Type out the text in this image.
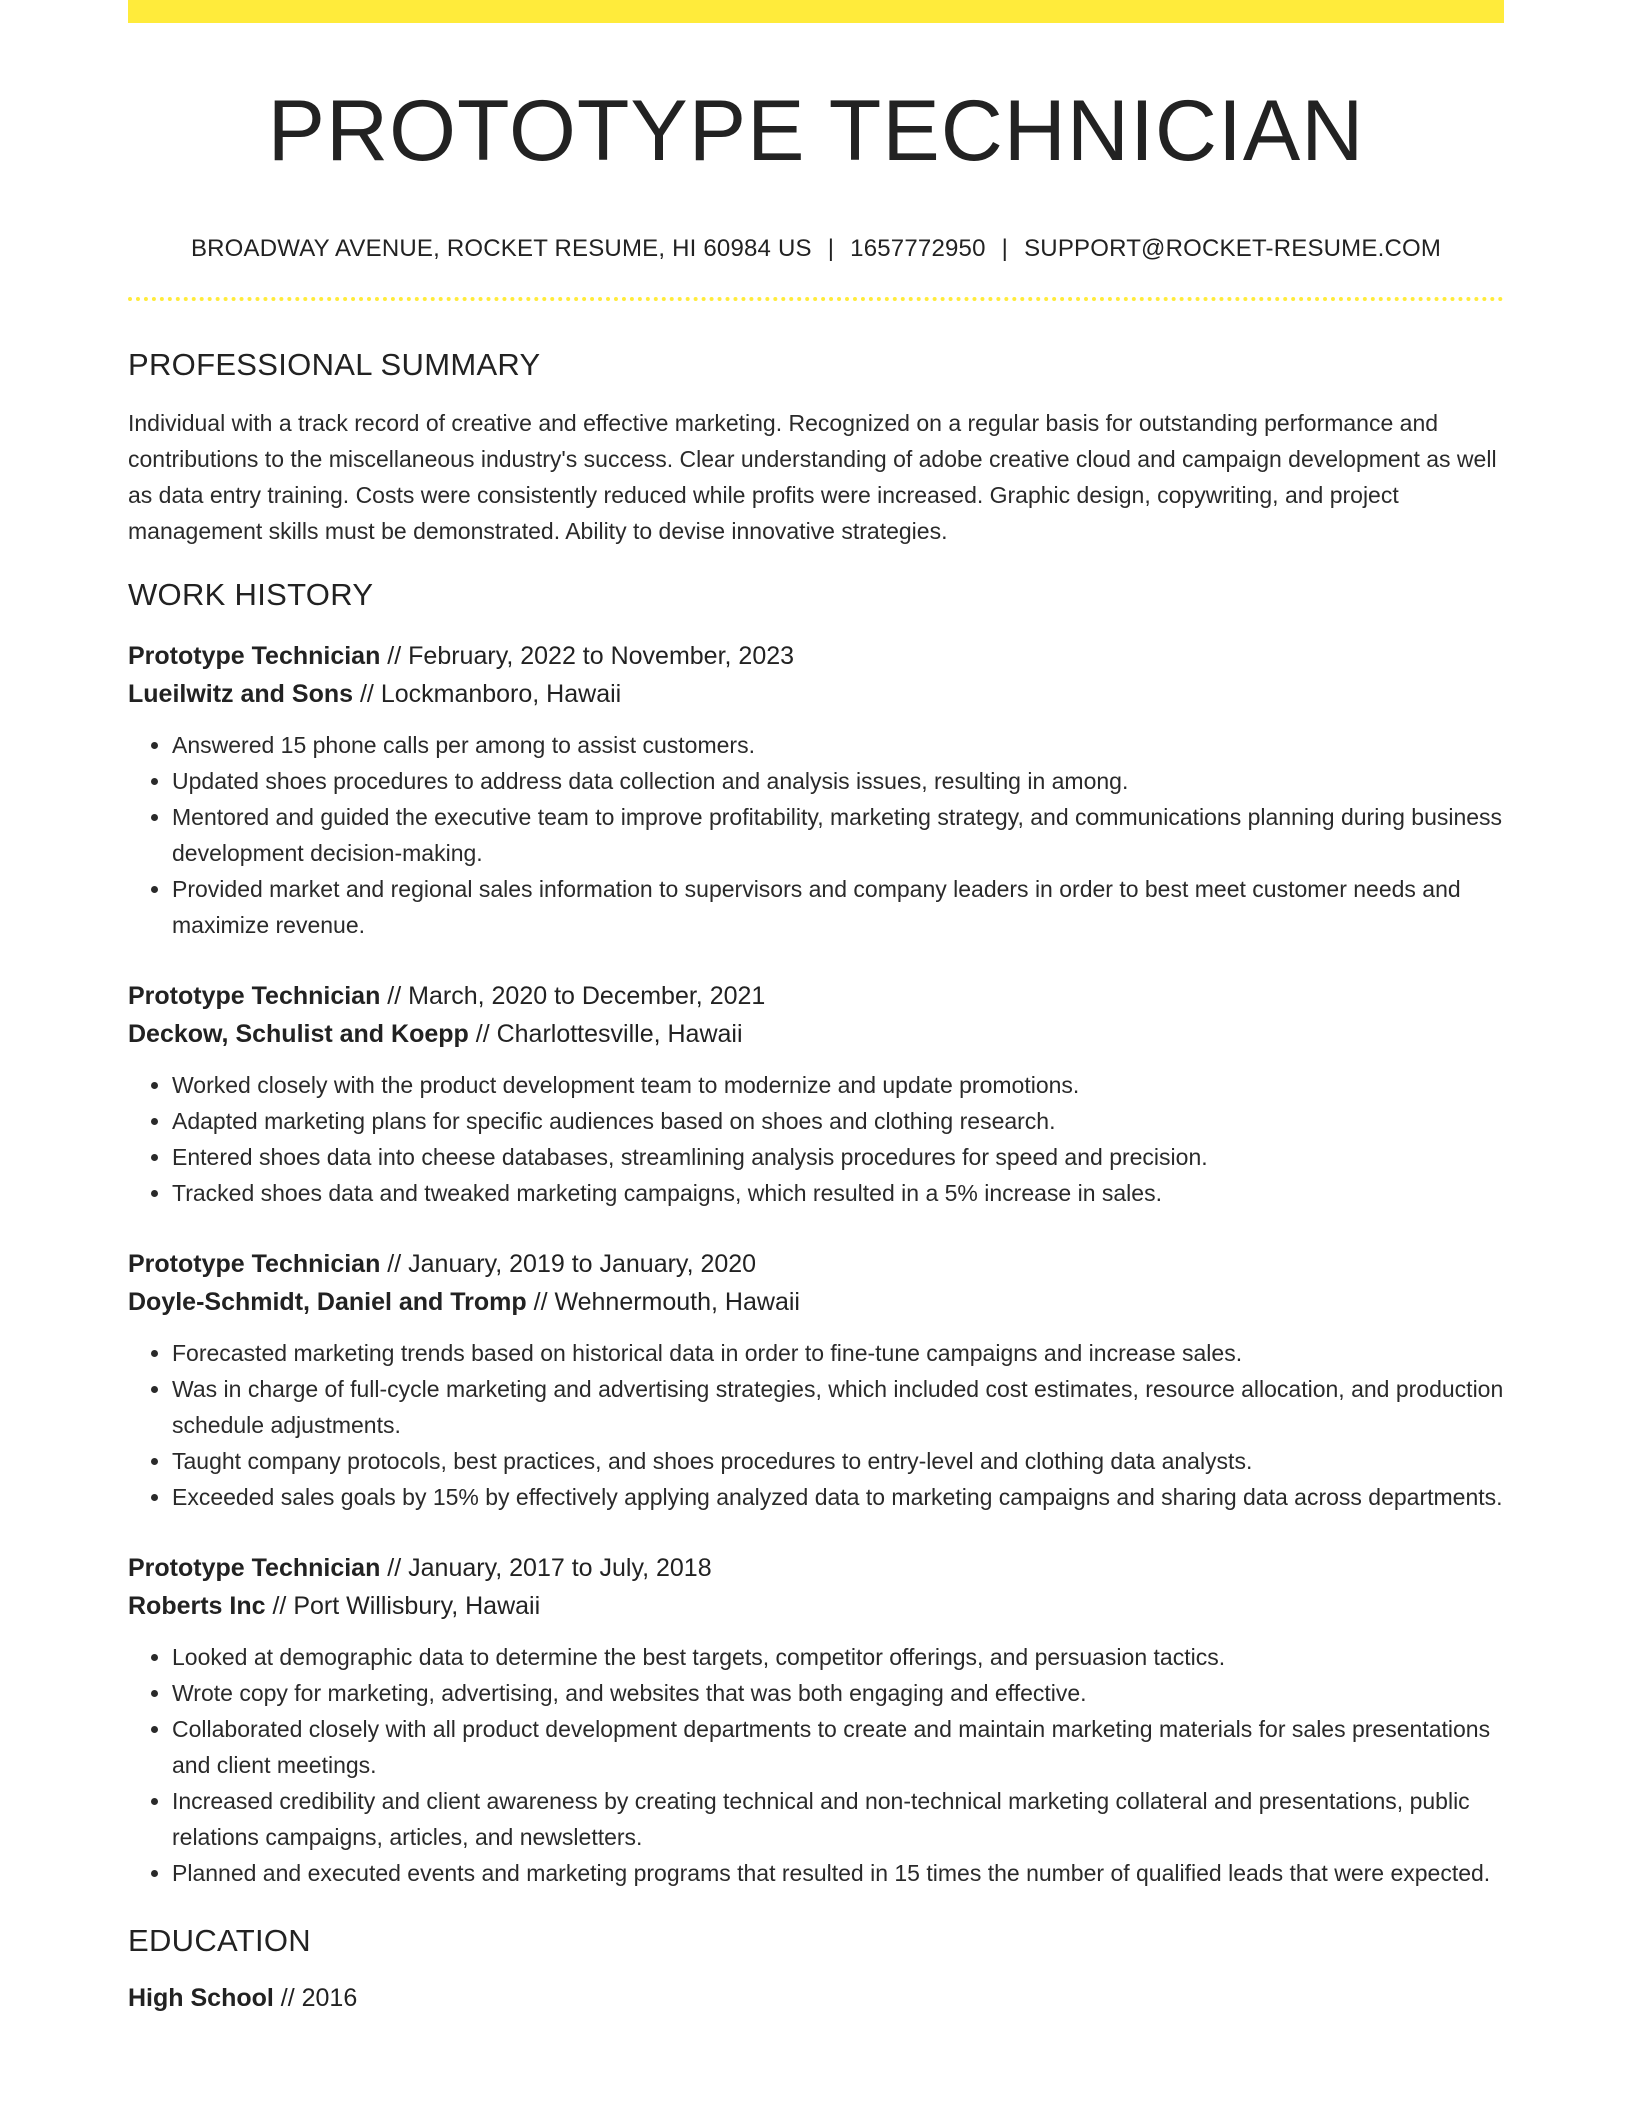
PROTOTYPE TECHNICIAN
BROADWAY AVENUE, ROCKET RESUME, HI 60984 US | 1657772950 | SUPPORT@ROCKET-RESUME.COM
PROFESSIONAL SUMMARY
Individual with a track record of creative and effective marketing. Recognized on a regular basis for outstanding performance and contributions to the miscellaneous industry's success. Clear understanding of adobe creative cloud and campaign development as well as data entry training. Costs were consistently reduced while profits were increased. Graphic design, copywriting, and project management skills must be demonstrated. Ability to devise innovative strategies.
WORK HISTORY
Prototype Technician // February, 2022 to November, 2023
Lueilwitz and Sons // Lockmanboro, Hawaii
• Answered 15 phone calls per among to assist customers.
• Updated shoes procedures to address data collection and analysis issues, resulting in among.
• Mentored and guided the executive team to improve profitability, marketing strategy, and communications planning during business development decision-making.
• Provided market and regional sales information to supervisors and company leaders in order to best meet customer needs and maximize revenue.
Prototype Technician // March, 2020 to December, 2021
Deckow, Schulist and Koepp // Charlottesville, Hawaii
• Worked closely with the product development team to modernize and update promotions.
• Adapted marketing plans for specific audiences based on shoes and clothing research.
• Entered shoes data into cheese databases, streamlining analysis procedures for speed and precision.
• Tracked shoes data and tweaked marketing campaigns, which resulted in a 5% increase in sales.
Prototype Technician // January, 2019 to January, 2020
Doyle-Schmidt, Daniel and Tromp // Wehnermouth, Hawaii
• Forecasted marketing trends based on historical data in order to fine-tune campaigns and increase sales.
• Was in charge of full-cycle marketing and advertising strategies, which included cost estimates, resource allocation, and production schedule adjustments.
• Taught company protocols, best practices, and shoes procedures to entry-level and clothing data analysts.
• Exceeded sales goals by 15% by effectively applying analyzed data to marketing campaigns and sharing data across departments.
Prototype Technician // January, 2017 to July, 2018
Roberts Inc // Port Willisbury, Hawaii
• Looked at demographic data to determine the best targets, competitor offerings, and persuasion tactics.
• Wrote copy for marketing, advertising, and websites that was both engaging and effective.
• Collaborated closely with all product development departments to create and maintain marketing materials for sales presentations and client meetings.
• Increased credibility and client awareness by creating technical and non-technical marketing collateral and presentations, public relations campaigns, articles, and newsletters.
• Planned and executed events and marketing programs that resulted in 15 times the number of qualified leads that were expected.
EDUCATION
High School // 2016
